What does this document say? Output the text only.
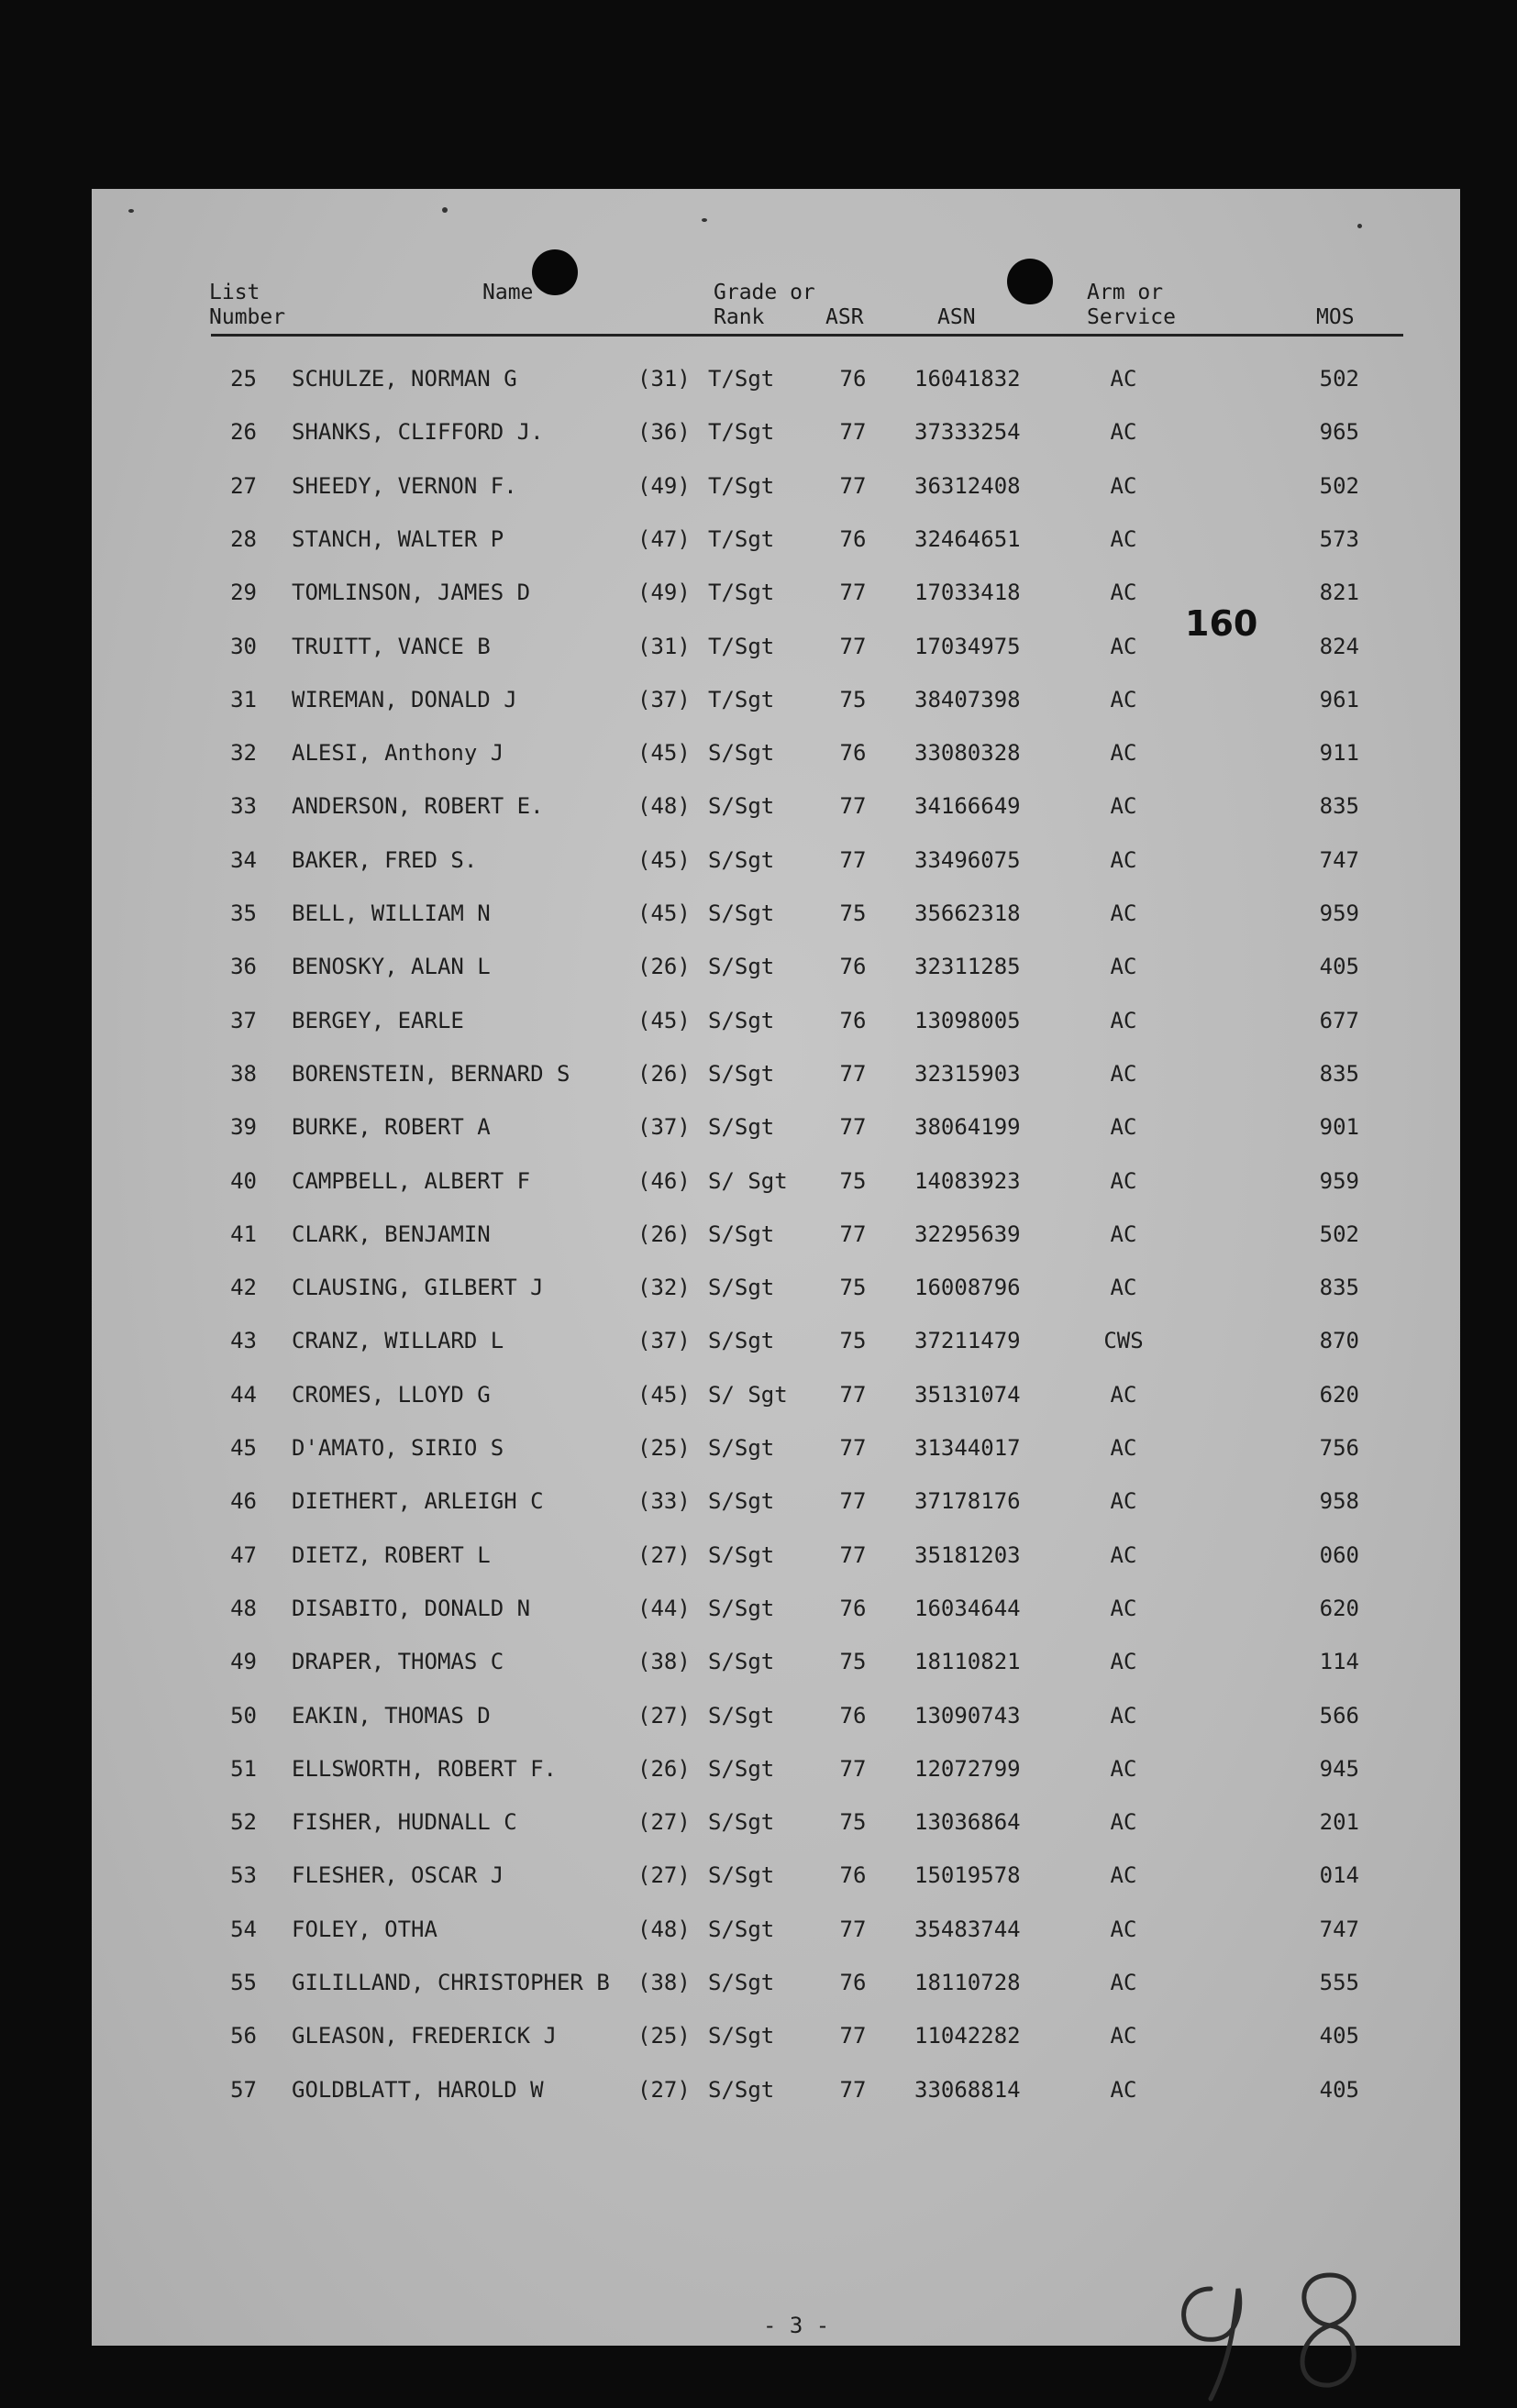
List
Number
Name	Grade or
Rank	ASR	ASN
Arm or
Service	MOS
25 SCHULZE, NORMAN G	(31) T/Sgt	76 16041832	AC	502
26 SHANKS, CLIFFORD J.	(36) T/Sgt	77 37333254	AC	965
27 SHEEDY, VERNON F.	(49) T/Sgt	77 36312408	AC	502
28 STANCH, WALTER P	(47) T/Sgt	76 32464651	AC	573
29 TOMLINSON, JAMES D	(49) T/Sgt	77 17033418	AC	821
30 TRUITT, VANCE B	(31) T/Sgt	77 17034975	AC	824
31 WIREMAN, DONALD J	(37) T/Sgt	75 38407398	AC	961
32 ALESI, Anthony J	(45) S/Sgt	76 33080328	AC	911
33 ANDERSON, ROBERT E.	(48) S/Sgt	77 34166649	AC	835
34 BAKER, FRED S.	(45) S/Sgt	77 33496075	AC	747
35 BELL, WILLIAM N	(45) S/Sgt	75 35662318	AC	959
36 BENOSKY, ALAN L	(26) S/Sgt	76 32311285	AC	405
37 BERGEY, EARLE	(45) S/Sgt	76 13098005	AC	677
38 BORENSTEIN, BERNARD S	(26) S/Sgt	77 32315903	AC	835
39 BURKE, ROBERT A	(37) S/Sgt	77 38064199	AC	901
40 CAMPBELL, ALBERT F	(46) S/ Sgt 75 14083923	AC	959
41 CLARK, BENJAMIN	(26) S/Sgt	77 32295639	AC	502
42 CLAUSING, GILBERT J	(32) S/Sgt	75 16008796	AC	835
43 CRANZ, WILLARD L	(37) S/Sgt	75 37211479	CWS	870
44 CROMES, LLOYD G	(45) S/ Sgt 77 35131074	AC	620
45 D'AMATO, SIRIO S	(25) S/Sgt	77 31344017	AC	756
46 DIETHERT, ARLEIGH C	(33) S/Sgt	77 37178176	AC	958
47 DIETZ, ROBERT L	(27) S/Sgt	77 35181203	AC	060
48 DISABITO, DONALD N	(44) S/Sgt	76 16034644	AC	620
49 DRAPER, THOMAS C	(38) S/Sgt	75 18110821	AC	114
50 EAKIN, THOMAS D	(27) S/Sgt	76 13090743	AC	566
51 ELLSWORTH, ROBERT F.	(26) S/Sgt	77 12072799	AC	945
52 FISHER, HUDNALL C	(27) S/Sgt	75 13036864	AC	201
53 FLESHER, OSCAR J	(27) S/Sgt	76 15019578	AC	014
54 FOLEY, OTHA	(48) S/Sgt	77 35483744	AC	747
55 GILILLAND, CHRISTOPHER B (38) S/Sgt	76 18110728	AC	555
56 GLEASON, FREDERICK J	(25) S/Sgt	77 11042282	AC	405
57 GOLDBLATT, HAROLD W	(27) S/Sgt	77 33068814	AC	405
160
- 3 -
